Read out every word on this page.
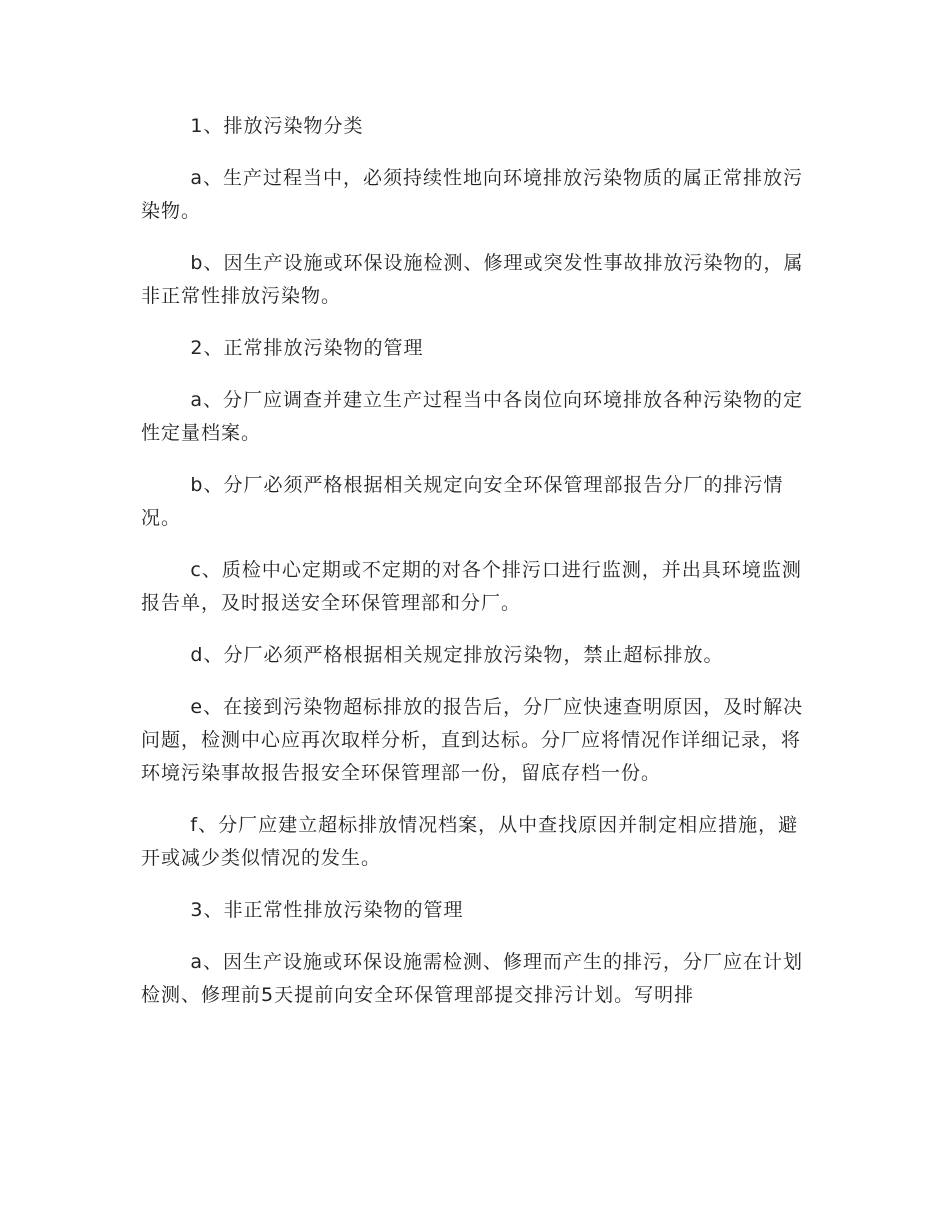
1、排放污染物分类

a、生产过程当中，必须持续性地向环境排放污染物质的属正常排放污染物。

b、因生产设施或环保设施检测、修理或突发性事故排放污染物的，属非正常性排放污染物。

2、正常排放污染物的管理

a、分厂应调查并建立生产过程当中各岗位向环境排放各种污染物的定性定量档案。

b、分厂必须严格根据相关规定向安全环保管理部报告分厂的排污情况。

c、质检中心定期或不定期的对各个排污口进行监测，并出具环境监测报告单，及时报送安全环保管理部和分厂。

d、分厂必须严格根据相关规定排放污染物，禁止超标排放。

e、在接到污染物超标排放的报告后，分厂应快速查明原因，及时解决问题，检测中心应再次取样分析，直到达标。分厂应将情况作详细记录，将环境污染事故报告报安全环保管理部一份，留底存档一份。

f、分厂应建立超标排放情况档案，从中查找原因并制定相应措施，避开或减少类似情况的发生。

3、非正常性排放污染物的管理

a、因生产设施或环保设施需检测、修理而产生的排污，分厂应在计划检测、修理前5天提前向安全环保管理部提交排污计划。写明排
